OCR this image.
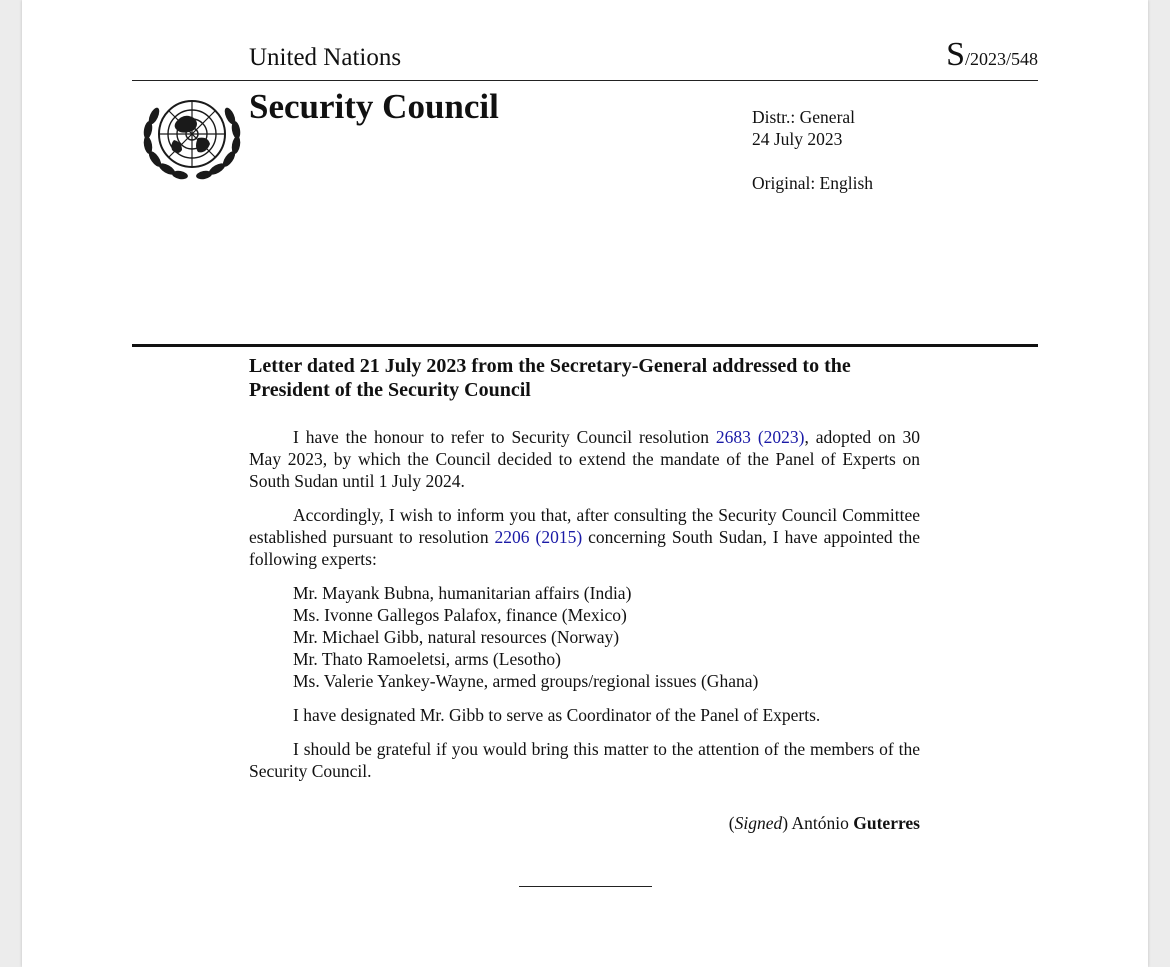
United Nations	S/2023/548
Security Council	Distr.: General
24 July 2023
Original: English
Letter dated 21 July 2023 from the Secretary-General addressed to the President of the Security Council

I have the honour to refer to Security Council resolution 2683 (2023), adopted on 30 May 2023, by which the Council decided to extend the mandate of the Panel of Experts on South Sudan until 1 July 2024.

Accordingly, I wish to inform you that, after consulting the Security Council Committee established pursuant to resolution 2206 (2015) concerning South Sudan, I have appointed the following experts:

Mr. Mayank Bubna, humanitarian affairs (India)
Ms. Ivonne Gallegos Palafox, finance (Mexico)
Mr. Michael Gibb, natural resources (Norway)
Mr. Thato Ramoeletsi, arms (Lesotho)
Ms. Valerie Yankey-Wayne, armed groups/regional issues (Ghana)

I have designated Mr. Gibb to serve as Coordinator of the Panel of Experts.

I should be grateful if you would bring this matter to the attention of the members of the Security Council.

(Signed) António Guterres
